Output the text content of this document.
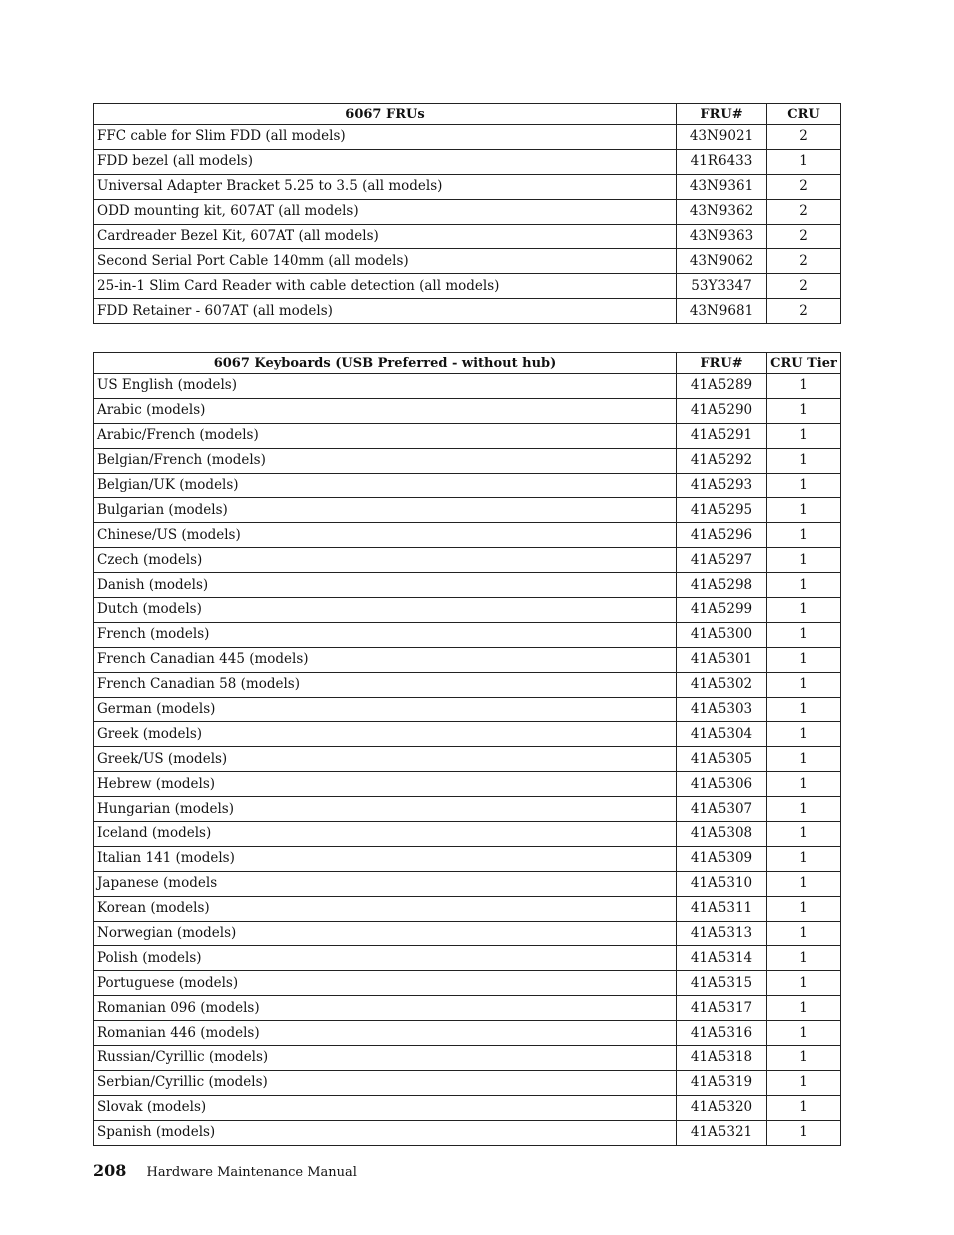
6067 FRUs	FRU#	CRU
FFC cable for Slim FDD (all models)	43N9021	2
FDD bezel (all models)	41R6433	1
Universal Adapter Bracket 5.25 to 3.5 (all models)	43N9361	2
ODD mounting kit, 607AT (all models)	43N9362	2
Cardreader Bezel Kit, 607AT (all models)	43N9363	2
Second Serial Port Cable 140mm (all models)	43N9062	2
25-in-1 Slim Card Reader with cable detection (all models)	53Y3347	2
FDD Retainer - 607AT (all models)	43N9681	2
6067 Keyboards (USB Preferred - without hub)	FRU#	CRU Tier
US English (models)	41A5289	1
Arabic (models)	41A5290	1
Arabic/French (models)	41A5291	1
Belgian/French (models)	41A5292	1
Belgian/UK (models)	41A5293	1
Bulgarian (models)	41A5295	1
Chinese/US (models)	41A5296	1
Czech (models)	41A5297	1
Danish (models)	41A5298	1
Dutch (models)	41A5299	1
French (models)	41A5300	1
French Canadian 445 (models)	41A5301	1
French Canadian 58 (models)	41A5302	1
German (models)	41A5303	1
Greek (models)	41A5304	1
Greek/US (models)	41A5305	1
Hebrew (models)	41A5306	1
Hungarian (models)	41A5307	1
Iceland (models)	41A5308	1
Italian 141 (models)	41A5309	1
Japanese (models	41A5310	1
Korean (models)	41A5311	1
Norwegian (models)	41A5313	1
Polish (models)	41A5314	1
Portuguese (models)	41A5315	1
Romanian 096 (models)	41A5317	1
Romanian 446 (models)	41A5316	1
Russian/Cyrillic (models)	41A5318	1
Serbian/Cyrillic (models)	41A5319	1
Slovak (models)	41A5320	1
Spanish (models)	41A5321	1
208 Hardware Maintenance Manual
